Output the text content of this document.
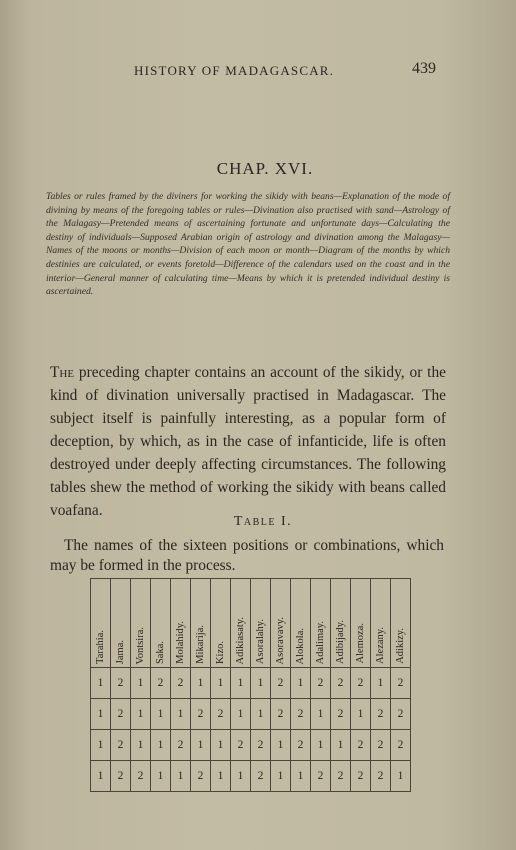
HISTORY OF MADAGASCAR.	439
CHAP. XVI.

Tables or rules framed by the diviners for working the sikidy with beans—Explanation of the mode of divining by means of the foregoing tables or rules—Divination also practised with sand—Astrology of the Malagasy—Pretended means of ascertaining fortunate and unfortunate days—Calculating the destiny of individuals—Supposed Arabian origin of astrology and divination among the Malagasy—Names of the moons or months—Division of each moon or month—Diagram of the months by which destinies are calculated, or events foretold—Difference of the calendars used on the coast and in the interior—General manner of calculating time—Means by which it is pretended individual destiny is ascertained.

The preceding chapter contains an account of the sikidy, or the kind of divination universally practised in Madagascar. The subject itself is painfully interesting, as a popular form of deception, by which, as in the case of infanticide, life is often destroyed under deeply affecting circumstances. The following tables shew the method of working the sikidy with beans called voafana.

Table I.

The names of the sixteen positions or combinations, which may be formed in the process.

Tarahia.	Jama.	Vontsira.	Saka.	Molahidy.	Mikarija.	Kizo.	Adikiasaty.	Asoralahy.	Asoravavy.	Alokola.	Adalimay.	Adibijady.	Alemoza.	Alezany.	Adikizy.
1	2	1	2	2	1	1	1	1	2	1	2	2	2	1	2
1	2	1	1	1	2	2	1	1	2	2	1	2	1	2	2
1	2	1	1	2	1	1	2	2	1	2	1	1	2	2	2
1	2	2	1	1	2	1	1	2	1	1	2	2	2	2	1
